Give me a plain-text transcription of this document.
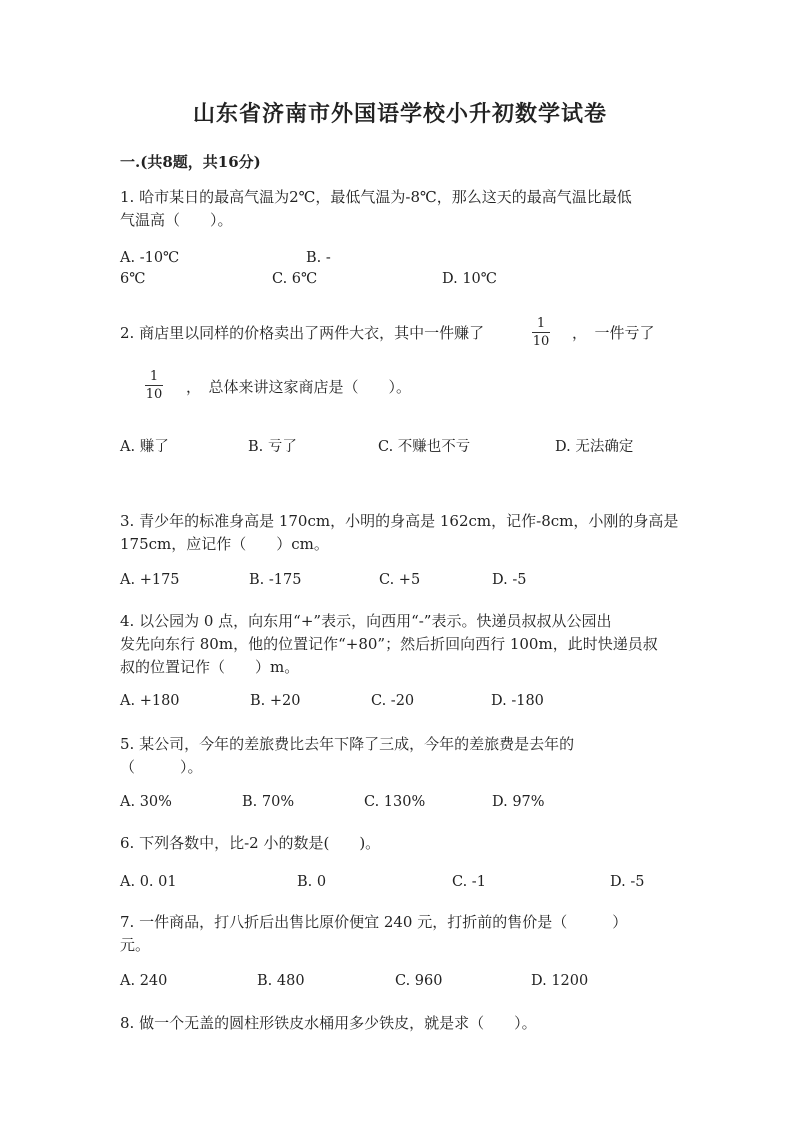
山东省济南市外国语学校小升初数学试卷
一.(共8题，共16分)
1. 哈市某日的最高气温为2℃，最低气温为-8℃，那么这天的最高气温比最低
气温高（　　）。
A. -10℃	B. -
6℃	C. 6℃	D. 10℃
2. 商店里以同样的价格卖出了两件大衣，其中一件赚了
1
10 ，　一件亏了
1
10 ，　总体来讲这家商店是（　　）。
A. 赚了	B. 亏了	C. 不赚也不亏	D. 无法确定
3. 青少年的标准身高是 170cm，小明的身高是 162cm，记作-8cm，小刚的身高是
175cm，应记作（　　）cm。
A. +175	B. -175	C. +5	D. -5
4. 以公园为 0 点，向东用“+”表示，向西用“-”表示。快递员叔叔从公园出
发先向东行 80m，他的位置记作“+80”；然后折回向西行 100m，此时快递员叔
叔的位置记作（　　）m。
A. +180	B. +20	C. -20	D. -180
5. 某公司，今年的差旅费比去年下降了三成，今年的差旅费是去年的
（　　　）。
A. 30%	B. 70%	C. 130%	D. 97%
6. 下列各数中，比-2 小的数是(　　)。
A. 0. 01	B. 0	C. -1	D. -5
7. 一件商品，打八折后出售比原价便宜 240 元，打折前的售价是（　　　）
元。
A. 240	B. 480	C. 960	D. 1200
8. 做一个无盖的圆柱形铁皮水桶用多少铁皮，就是求（　　）。
